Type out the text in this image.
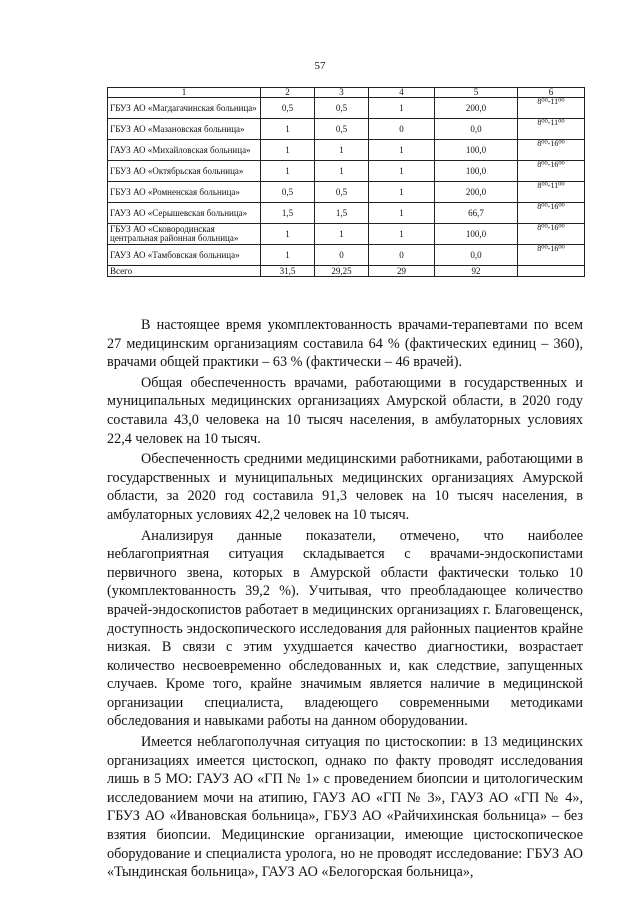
57
1	2	3	4	5	6
ГБУЗ АО «Магдагачинская больница»	0,5	0,5	1	200,0	8⁰⁰-11⁰⁰
ГБУЗ АО «Мазановская больница»	1	0,5	0	0,0	8⁰⁰-11⁰⁰
ГАУЗ АО «Михайловская больница»	1	1	1	100,0	8⁰⁰-16⁰⁰
ГБУЗ АО «Октябрьская больница»	1	1	1	100,0	8⁰⁰-16⁰⁰
ГБУЗ АО «Ромненская больница»	0,5	0,5	1	200,0	8⁰⁰-11⁰⁰
ГАУЗ АО «Серышевская больница»	1,5	1,5	1	66,7	8⁰⁰-16⁰⁰
ГБУЗ АО «Сковородинская центральная районная больница»	1	1	1	100,0	8⁰⁰-16⁰⁰
ГАУЗ АО «Тамбовская больница»	1	0	0	0,0	8⁰⁰-16⁰⁰
Всего	31,5	29,25	29	92	

В настоящее время укомплектованность врачами-терапевтами по всем 27 медицинским организациям составила 64 % (фактических единиц – 360), врачами общей практики – 63 % (фактически – 46 врачей).

Общая обеспеченность врачами, работающими в государственных и муниципальных медицинских организациях Амурской области, в 2020 году составила 43,0 человека на 10 тысяч населения, в амбулаторных условиях 22,4 человек на 10 тысяч.

Обеспеченность средними медицинскими работниками, работающими в государственных и муниципальных медицинских организациях Амурской области, за 2020 год составила 91,3 человек на 10 тысяч населения, в амбулаторных условиях 42,2 человек на 10 тысяч.

Анализируя данные показатели, отмечено, что наиболее неблагоприятная ситуация складывается с врачами-эндоскопистами первичного звена, которых в Амурской области фактически только 10 (укомплектованность 39,2 %). Учитывая, что преобладающее количество врачей-эндоскопистов работает в медицинских организациях г. Благовещенск, доступность эндоскопического исследования для районных пациентов крайне низкая. В связи с этим ухудшается качество диагностики, возрастает количество несвоевременно обследованных и, как следствие, запущенных случаев. Кроме того, крайне значимым является наличие в медицинской организации специалиста, владеющего современными методиками обследования и навыками работы на данном оборудовании.

Имеется неблагополучная ситуация по цистоскопии: в 13 медицинских организациях имеется цистоскоп, однако по факту проводят исследования лишь в 5 МО: ГАУЗ АО «ГП № 1» с проведением биопсии и цитологическим исследованием мочи на атипию, ГАУЗ АО «ГП № 3», ГАУЗ АО «ГП № 4», ГБУЗ АО «Ивановская больница», ГБУЗ АО «Райчихинская больница» – без взятия биопсии. Медицинские организации, имеющие цистоскопическое оборудование и специалиста уролога, но не проводят исследование: ГБУЗ АО «Тындинская больница», ГАУЗ АО «Белогорская больница»,
